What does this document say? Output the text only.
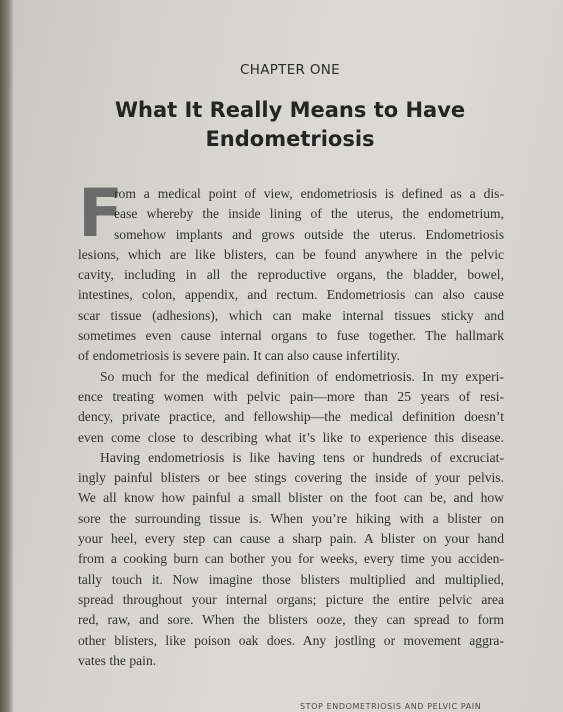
CHAPTER ONE
What It Really Means to Have
Endometriosis
F
rom a medical point of view, endometriosis is defined as a dis-
ease whereby the inside lining of the uterus, the endometrium,
somehow implants and grows outside the uterus. Endometriosis
lesions, which are like blisters, can be found anywhere in the pelvic
cavity, including in all the reproductive organs, the bladder, bowel,
intestines, colon, appendix, and rectum. Endometriosis can also cause
scar tissue (adhesions), which can make internal tissues sticky and
sometimes even cause internal organs to fuse together. The hallmark
of endometriosis is severe pain. It can also cause infertility.
So much for the medical definition of endometriosis. In my experi-
ence treating women with pelvic pain—more than 25 years of resi-
dency, private practice, and fellowship—the medical definition doesn’t
even come close to describing what it’s like to experience this disease.
Having endometriosis is like having tens or hundreds of excruciat-
ingly painful blisters or bee stings covering the inside of your pelvis.
We all know how painful a small blister on the foot can be, and how
sore the surrounding tissue is. When you’re hiking with a blister on
your heel, every step can cause a sharp pain. A blister on your hand
from a cooking burn can bother you for weeks, every time you acciden-
tally touch it. Now imagine those blisters multiplied and multiplied,
spread throughout your internal organs; picture the entire pelvic area
red, raw, and sore. When the blisters ooze, they can spread to form
other blisters, like poison oak does. Any jostling or movement aggra-
vates the pain.
STOP ENDOMETRIOSIS AND PELVIC PAIN
